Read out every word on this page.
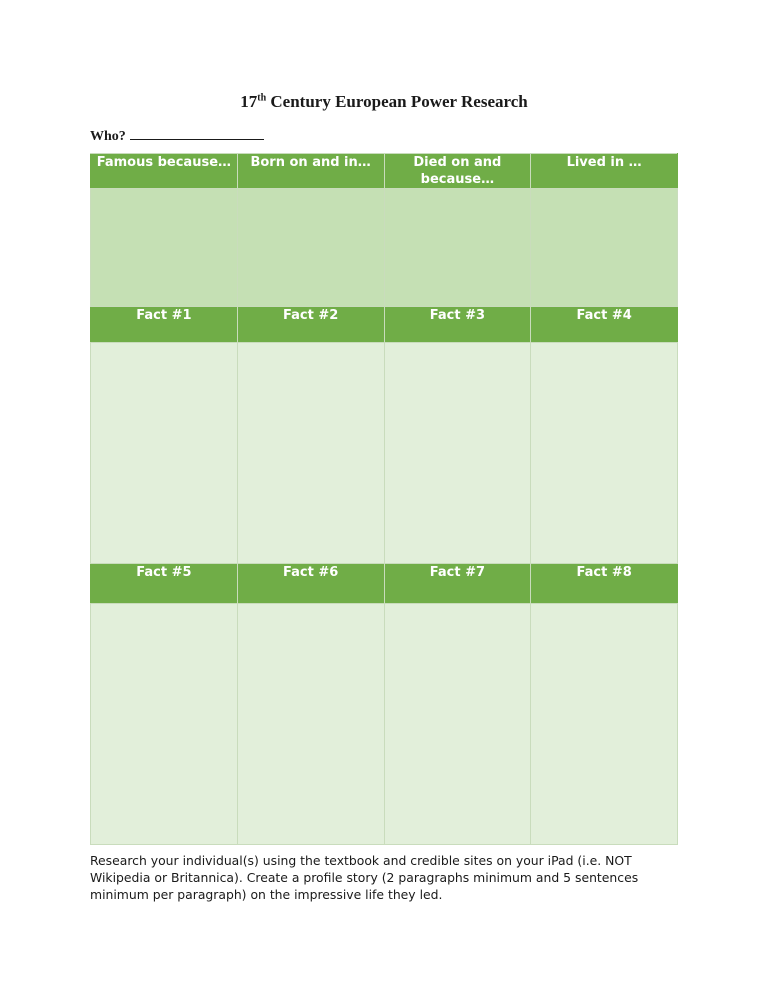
17th Century European Power Research
Who?
Famous because…	Born on and in…	Died on and because…	Lived in …

Fact #1	Fact #2	Fact #3	Fact #4

Fact #5	Fact #6	Fact #7	Fact #8

Research your individual(s) using the textbook and credible sites on your iPad (i.e. NOT Wikipedia or Britannica). Create a profile story (2 paragraphs minimum and 5 sentences minimum per paragraph) on the impressive life they led.
